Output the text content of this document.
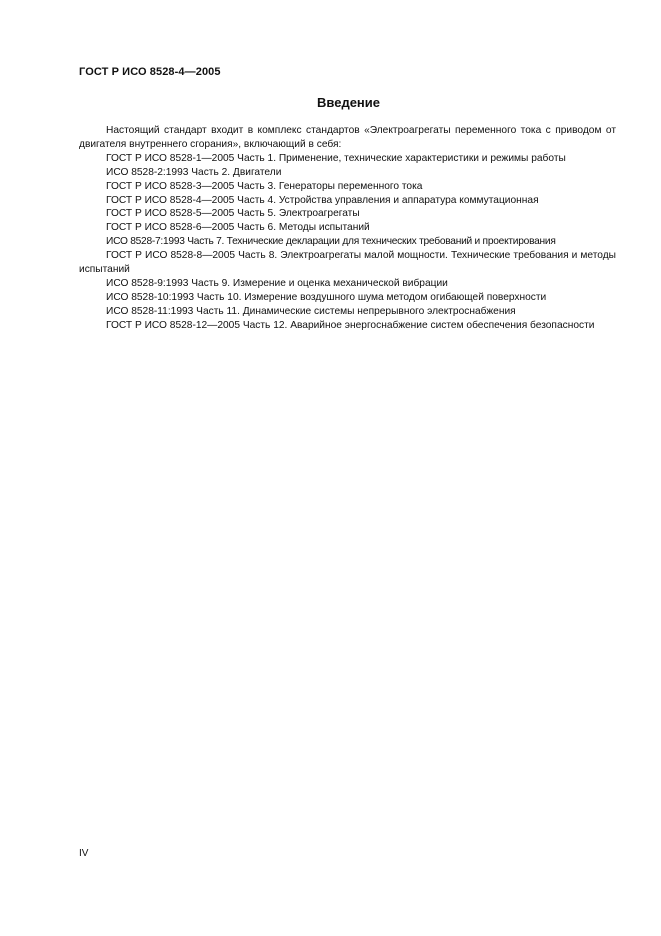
ГОСТ Р ИСО 8528-4—2005
Введение

Настоящий стандарт входит в комплекс стандартов «Электроагрегаты переменного тока с приводом от двигателя внутреннего сгорания», включающий в себя:

ГОСТ Р ИСО 8528-1—2005 Часть 1. Применение, технические характеристики и режимы работы

ИСО 8528-2:1993 Часть 2. Двигатели

ГОСТ Р ИСО 8528-3—2005 Часть 3. Генераторы переменного тока

ГОСТ Р ИСО 8528-4—2005 Часть 4. Устройства управления и аппаратура коммутационная

ГОСТ Р ИСО 8528-5—2005 Часть 5. Электроагрегаты

ГОСТ Р ИСО 8528-6—2005 Часть 6. Методы испытаний

ИСО 8528-7:1993 Часть 7. Технические декларации для технических требований и проектирования

ГОСТ Р ИСО 8528-8—2005 Часть 8. Электроагрегаты малой мощности. Технические требования и методы испытаний

ИСО 8528-9:1993 Часть 9. Измерение и оценка механической вибрации

ИСО 8528-10:1993 Часть 10. Измерение воздушного шума методом огибающей поверхности

ИСО 8528-11:1993 Часть 11. Динамические системы непрерывного электроснабжения

ГОСТ Р ИСО 8528-12—2005 Часть 12. Аварийное энергоснабжение систем обеспечения безопасности

IV
